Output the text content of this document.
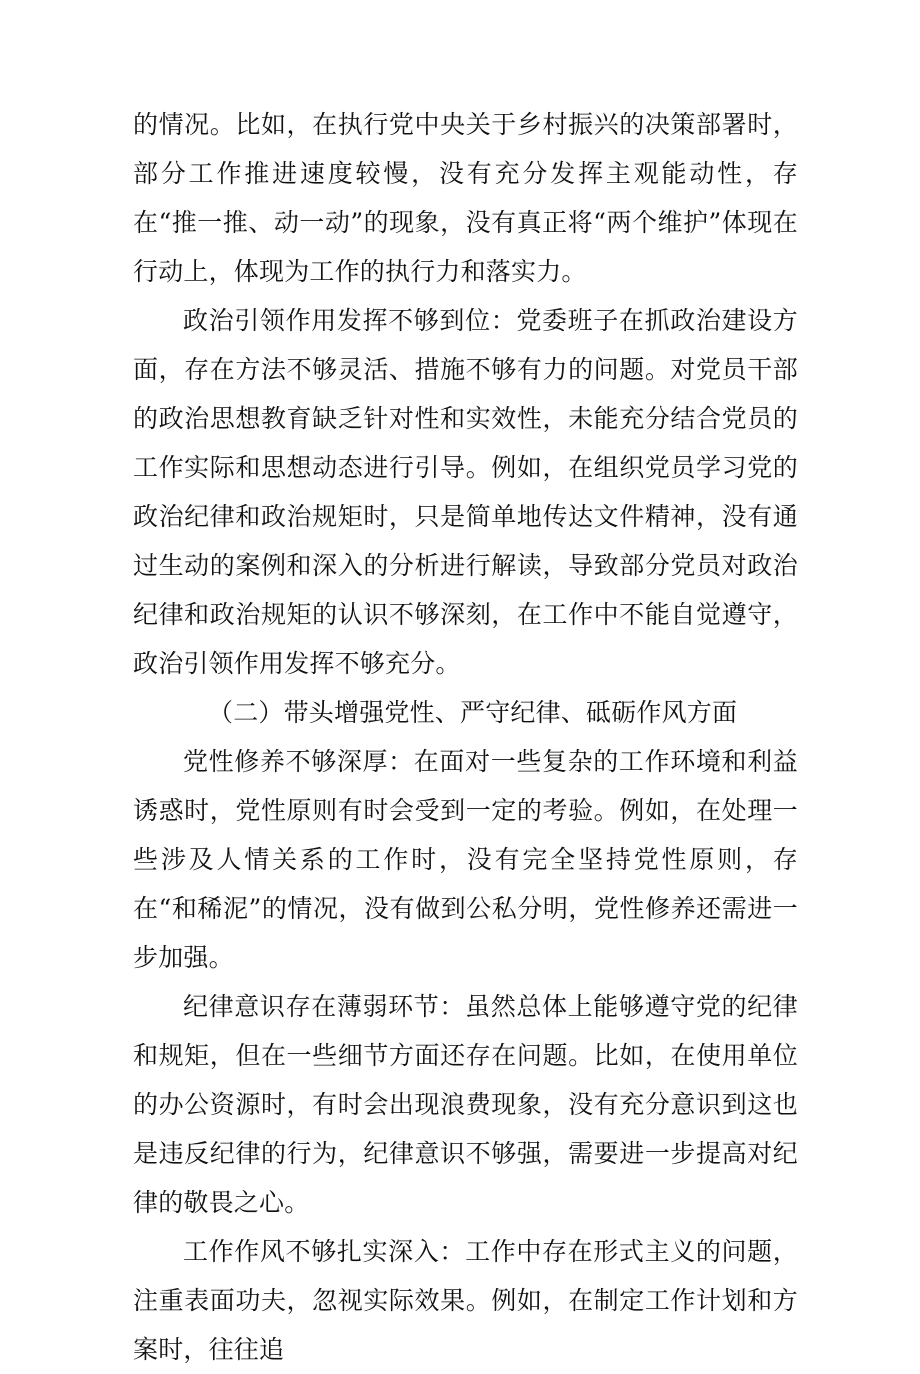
的情况。比如，在执行党中央关于乡村振兴的决策部署时，部分工作推进速度较慢，没有充分发挥主观能动性，存在“推一推、动一动”的现象，没有真正将“两个维护”体现在行动上，体现为工作的执行力和落实力。

政治引领作用发挥不够到位：党委班子在抓政治建设方面，存在方法不够灵活、措施不够有力的问题。对党员干部的政治思想教育缺乏针对性和实效性，未能充分结合党员的工作实际和思想动态进行引导。例如，在组织党员学习党的政治纪律和政治规矩时，只是简单地传达文件精神，没有通过生动的案例和深入的分析进行解读，导致部分党员对政治纪律和政治规矩的认识不够深刻，在工作中不能自觉遵守，政治引领作用发挥不够充分。

（二）带头增强党性、严守纪律、砥砺作风方面

党性修养不够深厚：在面对一些复杂的工作环境和利益诱惑时，党性原则有时会受到一定的考验。例如，在处理一些涉及人情关系的工作时，没有完全坚持党性原则，存在“和稀泥”的情况，没有做到公私分明，党性修养还需进一步加强。

纪律意识存在薄弱环节：虽然总体上能够遵守党的纪律和规矩，但在一些细节方面还存在问题。比如，在使用单位的办公资源时，有时会出现浪费现象，没有充分意识到这也是违反纪律的行为，纪律意识不够强，需要进一步提高对纪律的敬畏之心。

工作作风不够扎实深入：工作中存在形式主义的问题，注重表面功夫，忽视实际效果。例如，在制定工作计划和方案时，往往追
